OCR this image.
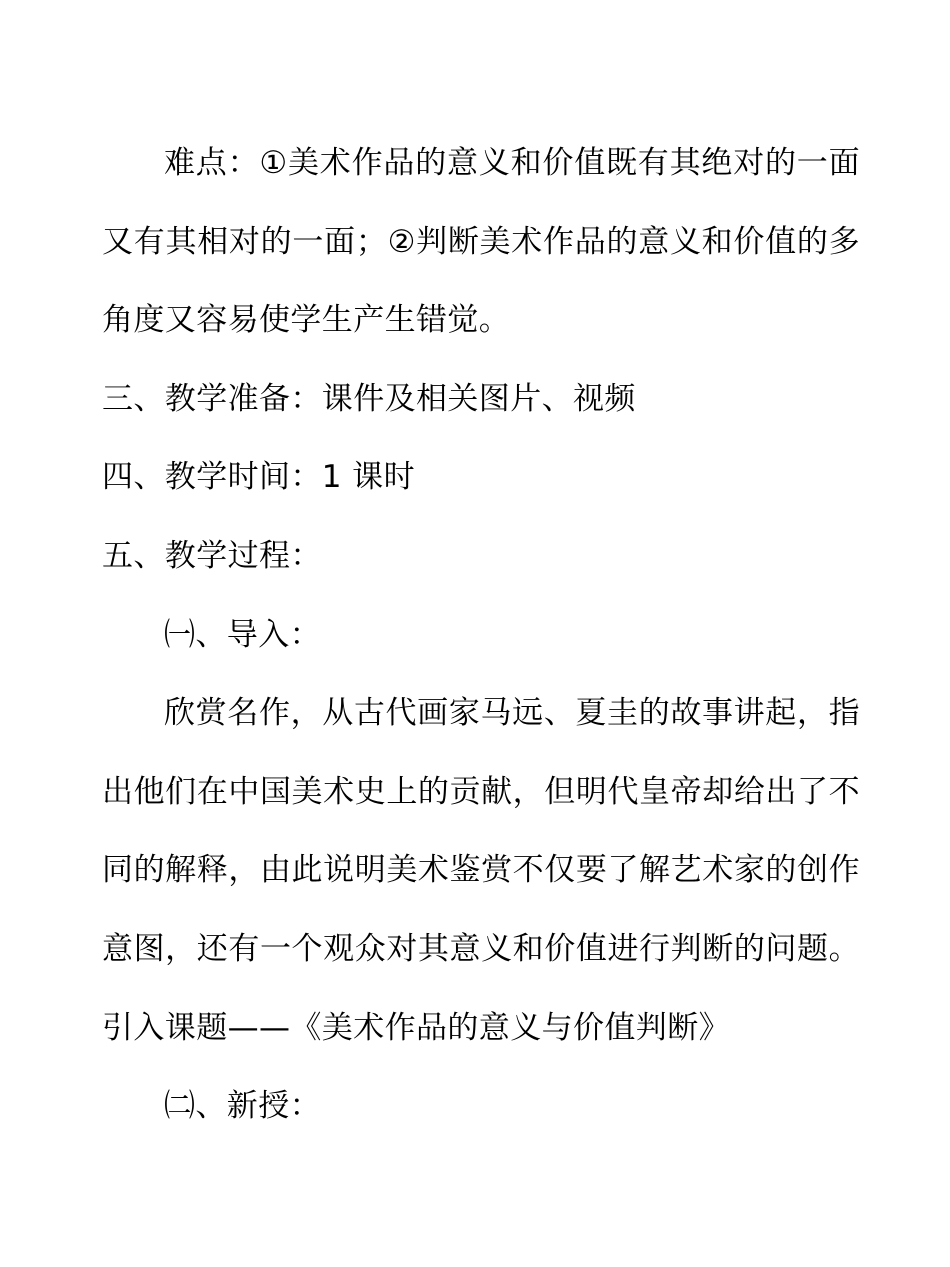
难点：①美术作品的意义和价值既有其绝对的一面又有其相对的一面；②判断美术作品的意义和价值的多角度又容易使学生产生错觉。

三、教学准备：课件及相关图片、视频

四、教学时间：1 课时

五、教学过程：

㈠、导入：

欣赏名作，从古代画家马远、夏圭的故事讲起，指出他们在中国美术史上的贡献，但明代皇帝却给出了不同的解释，由此说明美术鉴赏不仅要了解艺术家的创作意图，还有一个观众对其意义和价值进行判断的问题。引入课题——《美术作品的意义与价值判断》

㈡、新授：
